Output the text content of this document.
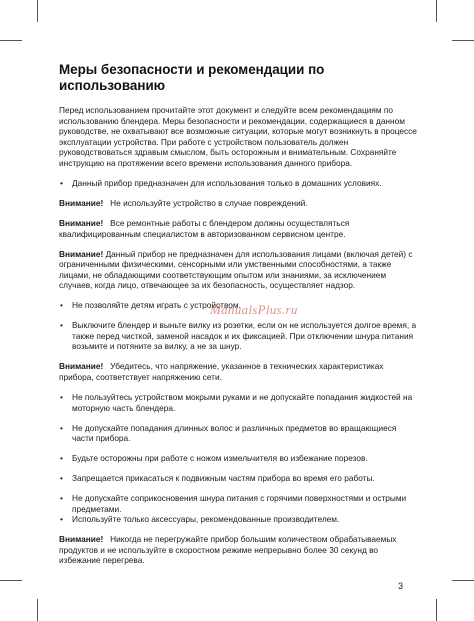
Меры безопасности и рекомендации по использованию

Перед использованием прочитайте этот документ и следуйте всем рекомендациям по использованию блендера. Меры безопасности и рекомендации, содержащиеся в данном руководстве, не охватывают все возможные ситуации, которые могут возникнуть в процессе эксплуатации устройства. При работе с устройством пользователь должен руководствоваться здравым смыслом, быть осторожным и внимательным. Сохраняйте инструкцию на протяжении всего времени использования данного прибора.

• Данный прибор предназначен для использования только в домашних условиях.

Внимание! Не используйте устройство в случае повреждений.

Внимание! Все ремонтные работы с блендером должны осуществляться квалифицированным специалистом в авторизованном сервисном центре.

Внимание! Данный прибор не предназначен для использования лицами (включая детей) с ограниченными физическими, сенсорными или умственными способностями, а также лицами, не обладающими соответствующим опытом или знаниями, за исключением случаев, когда лицо, отвечающее за их безопасность, осуществляет надзор.

• Не позволяйте детям играть с устройством.

• Выключите блендер и выньте вилку из розетки, если он не используется долгое время, а также перед чисткой, заменой насадок и их фиксацией. При отключении шнура питания возьмите и потяните за вилку, а не за шнур.

Внимание! Убедитесь, что напряжение, указанное в технических характеристиках прибора, соответствует напряжению сети.

• Не пользуйтесь устройством мокрыми руками и не допускайте попадания жидкостей на моторную часть блендера.

• Не допускайте попадания длинных волос и различных предметов во вращающиеся части прибора.

• Будьте осторожны при работе с ножом измельчителя во избежание порезов.

• Запрещается прикасаться к подвижным частям прибора во время его работы.

• Не допускайте соприкосновения шнура питания с горячими поверхностями и острыми предметами.

• Используйте только аксессуары, рекомендованные производителем.

Внимание! Никогда не перегружайте прибор большим количеством обрабатываемых продуктов и не используйте в скоростном режиме непрерывно более 30 секунд во избежание перегрева.

ManualsPlus.ru
3
